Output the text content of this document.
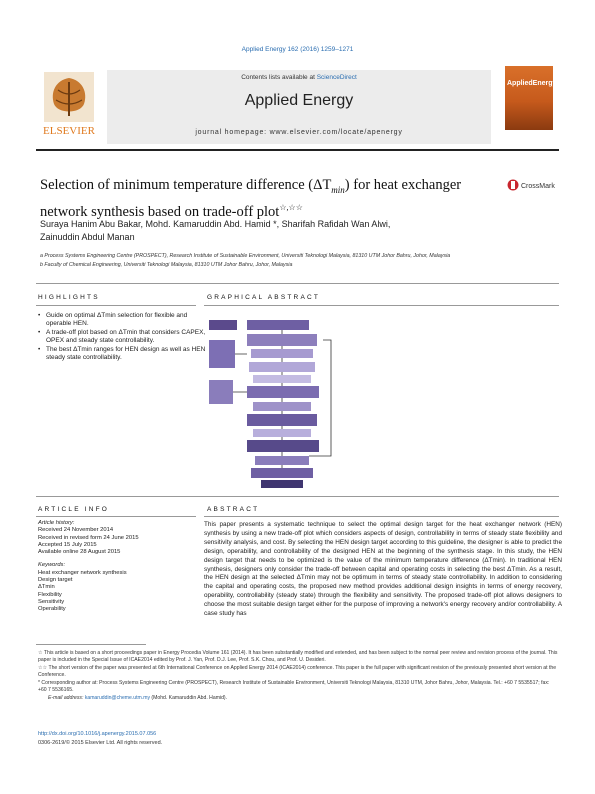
Applied Energy 162 (2016) 1259–1271
ELSEVIER
Contents lists available at ScienceDirect
Applied Energy
journal homepage: www.elsevier.com/locate/apenergy
AppliedEnergy
Selection of minimum temperature difference $(\Delta T_{min})$ for heat exchanger network synthesis based on trade-off plot☆,☆☆
CrossMark
Suraya Hanim Abu Bakar, Mohd. Kamaruddin Abd. Hamid *, Sharifah Rafidah Wan Alwi,
Zainuddin Abdul Manan
a Process Systems Engineering Centre (PROSPECT), Research Institute of Sustainable Environment, Universiti Teknologi Malaysia, 81310 UTM Johor Bahru, Johor, Malaysia
b Faculty of Chemical Engineering, Universiti Teknologi Malaysia, 81310 UTM Johor Bahru, Johor, Malaysia
HIGHLIGHTS
• Guide on optimal ΔTmin selection for flexible and operable HEN.
• A trade-off plot based on ΔTmin that considers CAPEX, OPEX and steady state controllability.
• The best ΔTmin ranges for HEN design as well as HEN steady state controllability.
GRAPHICAL ABSTRACT
ARTICLE INFO
Article history:
Received 24 November 2014
Received in revised form 24 June 2015
Accepted 15 July 2015
Available online 28 August 2015
Keywords:
Heat exchanger network synthesis
Design target
ΔTmin
Flexibility
Sensitivity
Operability
ABSTRACT
This paper presents a systematic technique to select the optimal design target for the heat exchanger network (HEN) synthesis by using a new trade-off plot which considers aspects of design, controllability in terms of steady state flexibility and sensitivity analysis, and cost. By selecting the HEN design target according to this guideline, the designer is able to predict the design, operability, and controllability of the designed HEN at the beginning of the synthesis stage. In this study, the HEN design target that needs to be optimized is the value of the minimum temperature difference (ΔTmin). In traditional HEN synthesis, designers only consider the trade-off between capital and operating costs in selecting the best ΔTmin. As a result, the HEN design at the selected ΔTmin may not be optimum in terms of steady state controllability. In addition to considering the capital and operating costs, the proposed new method provides additional design insights in terms of energy recovery, operability, controllability (steady state) through the flexibility and sensitivity. The proposed trade-off plot allows designers to choose the most suitable design target either for the purpose of improving a network's energy recovery and/or controllability. A case study has

☆ This article is based on a short proceedings paper in Energy Procedia Volume 161 (2014). It has been substantially modified and extended, and has been subject to the normal peer review and revision process of the journal. This paper is included in the Special Issue of ICAE2014 edited by Prof. J. Yan, Prof. D.J. Lee, Prof. S.K. Chou, and Prof. U. Desideri.

☆☆ The short version of the paper was presented at 6th International Conference on Applied Energy 2014 (ICAE2014) conference. This paper is the full paper with significant revision of the previously presented short version at the Conference.

* Corresponding author at: Process Systems Engineering Centre (PROSPECT), Research Institute of Sustainable Environment, Universiti Teknologi Malaysia, 81310 UTM, Johor Bahru, Johor, Malaysia. Tel.: +60 7 5535517; fax: +60 7 5536165.

E-mail address: kamaruddin@cheme.utm.my (Mohd. Kamaruddin Abd. Hamid).

http://dx.doi.org/10.1016/j.apenergy.2015.07.056
0306-2619/© 2015 Elsevier Ltd. All rights reserved.
